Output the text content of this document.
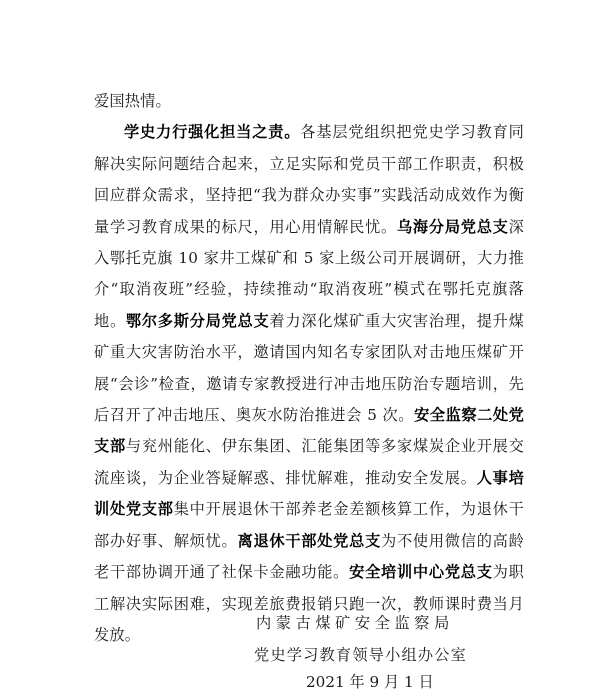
爱国热情。

学史力行强化担当之责。各基层党组织把党史学习教育同解决实际问题结合起来，立足实际和党员干部工作职责，积极回应群众需求，坚持把“我为群众办实事”实践活动成效作为衡量学习教育成果的标尺，用心用情解民忧。乌海分局党总支深入鄂托克旗 10 家井工煤矿和 5 家上级公司开展调研，大力推介“取消夜班”经验，持续推动“取消夜班”模式在鄂托克旗落地。鄂尔多斯分局党总支着力深化煤矿重大灾害治理，提升煤矿重大灾害防治水平，邀请国内知名专家团队对击地压煤矿开展“会诊”检查，邀请专家教授进行冲击地压防治专题培训，先后召开了冲击地压、奥灰水防治推进会 5 次。安全监察二处党支部与兖州能化、伊东集团、汇能集团等多家煤炭企业开展交流座谈，为企业答疑解惑、排忧解难，推动安全发展。人事培训处党支部集中开展退休干部养老金差额核算工作，为退休干部办好事、解烦忧。离退休干部处党总支为不使用微信的高龄老干部协调开通了社保卡金融功能。安全培训中心党总支为职工解决实际困难，实现差旅费报销只跑一次，教师课时费当月发放。

内蒙古煤矿安全监察局
党史学习教育领导小组办公室
2021 年 9 月 1 日
